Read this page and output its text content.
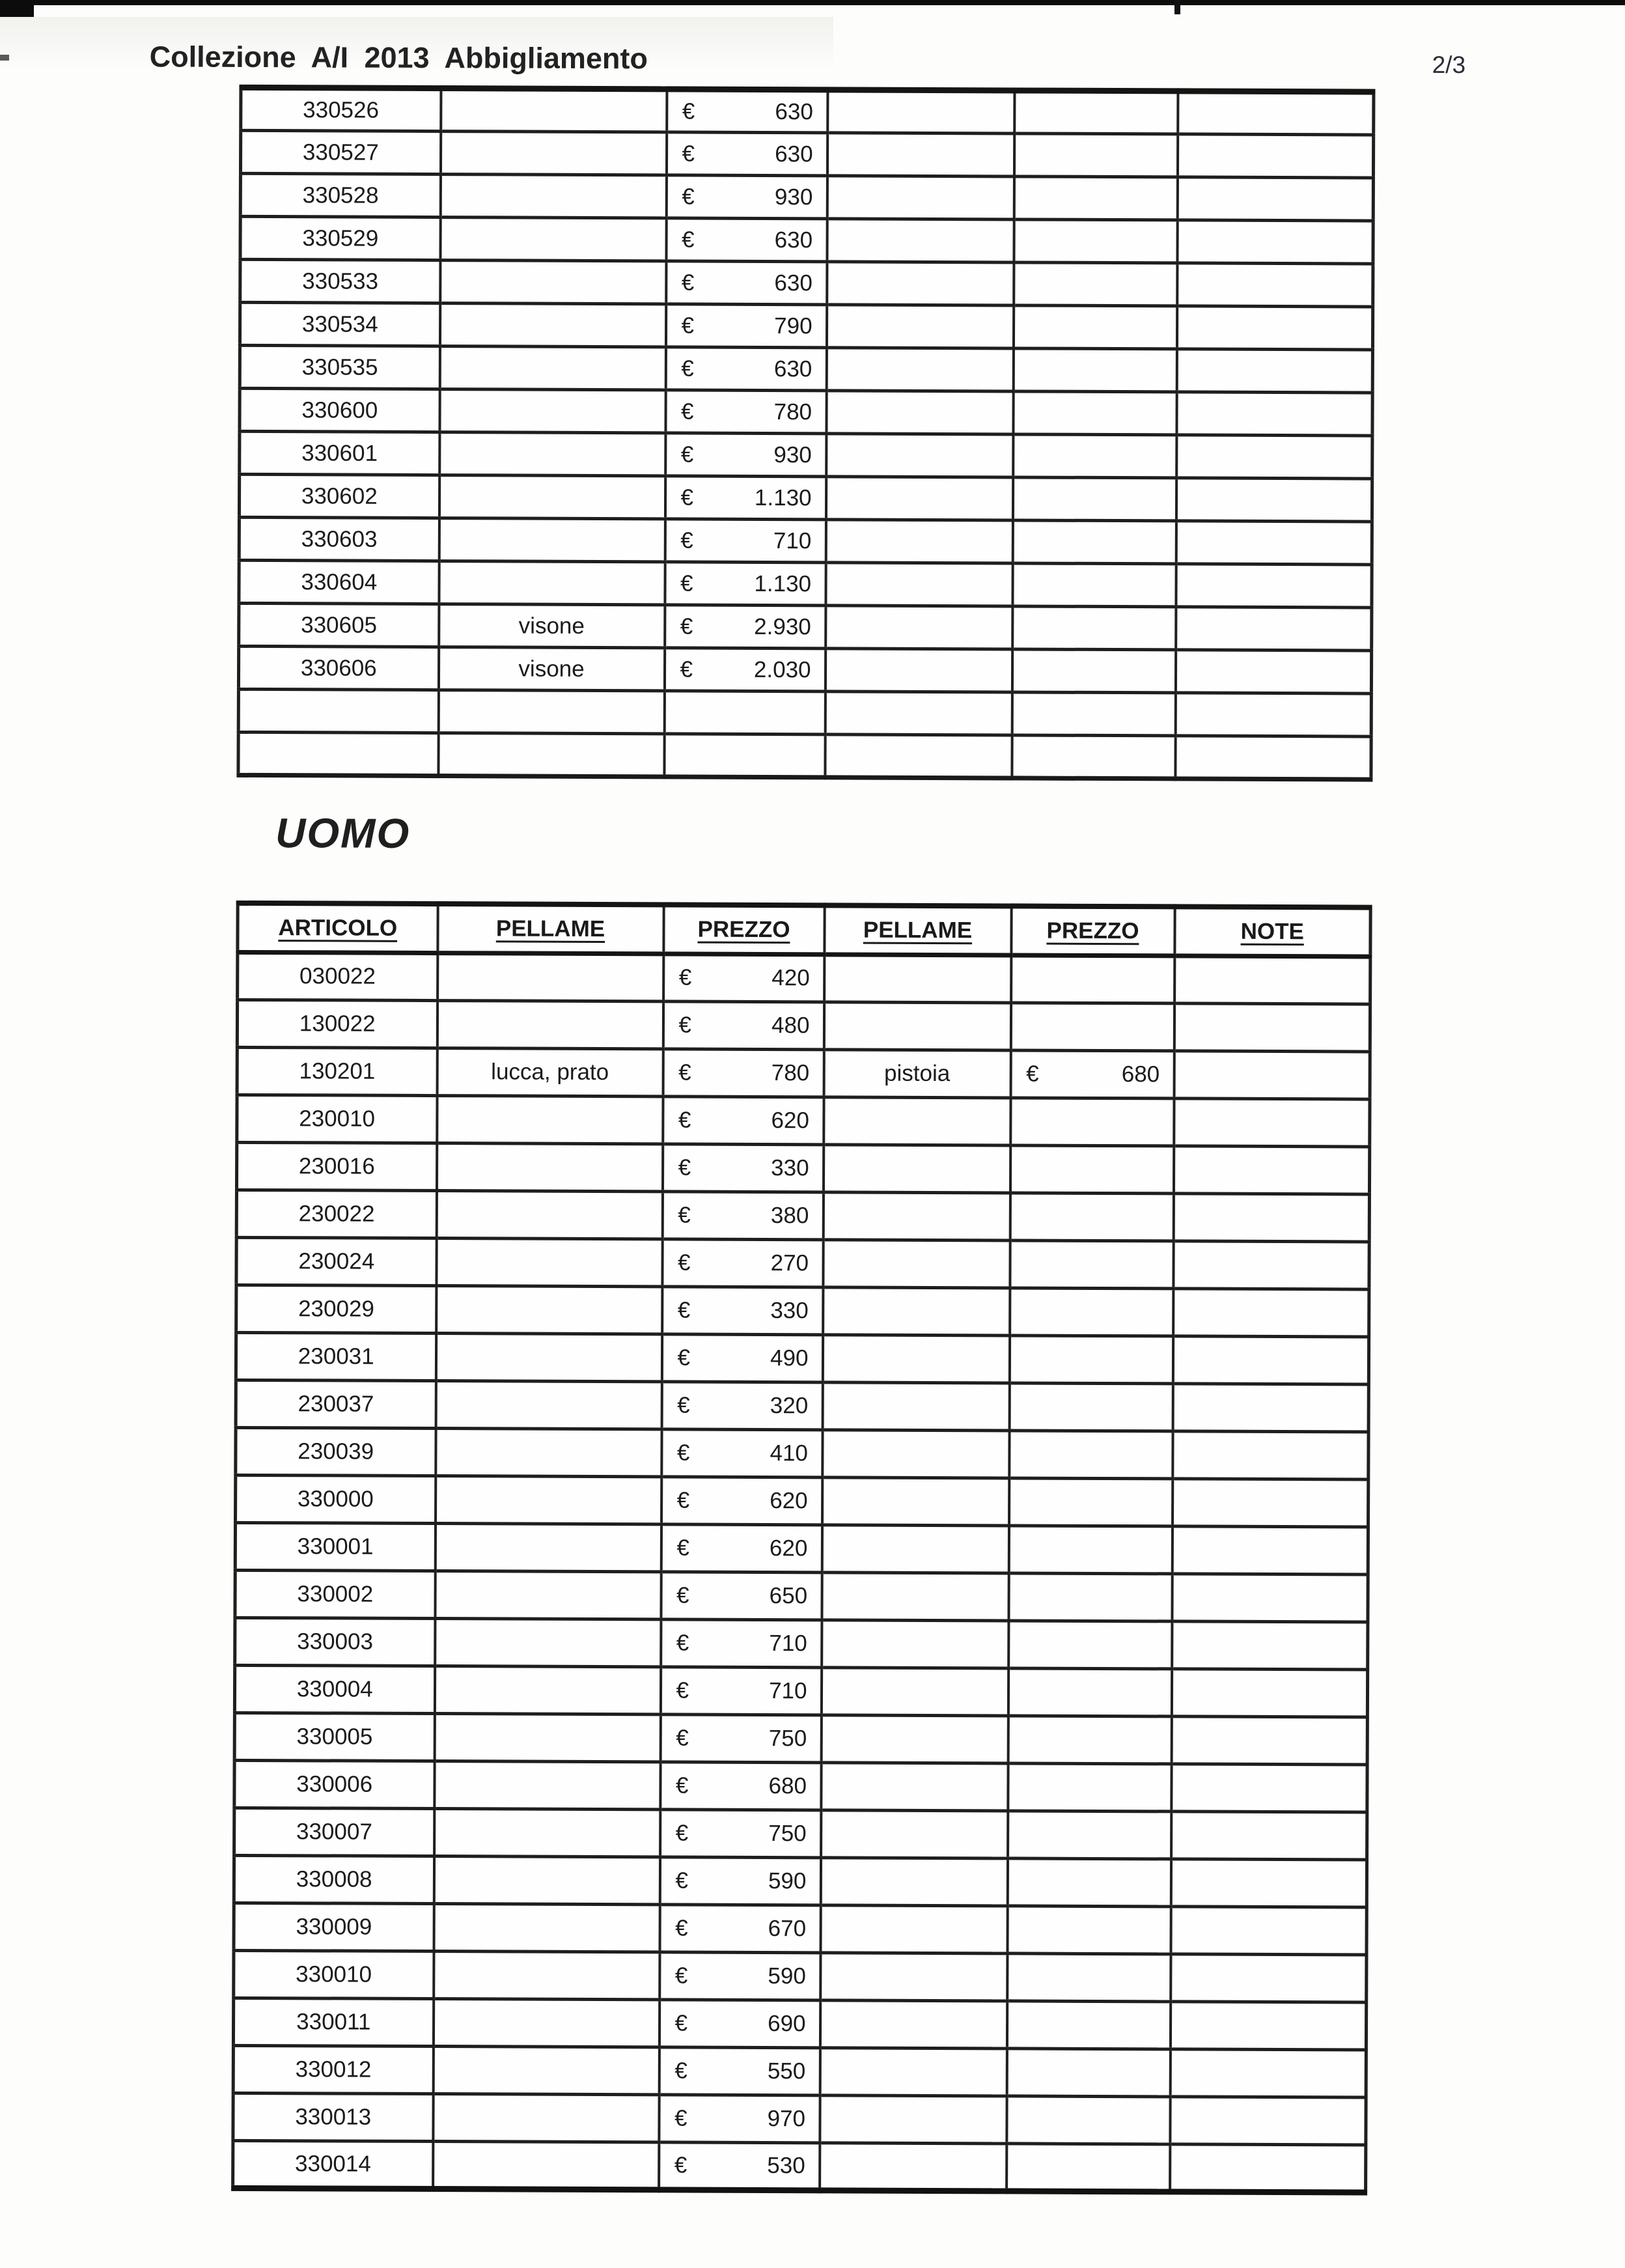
Collezione A/I 2013 Abbigliamento	2/3
330526		€ 630			

330527		€ 630			

330528		€ 930			

330529		€ 630			

330533		€ 630			

330534		€ 790			

330535		€ 630			

330600		€ 780			

330601		€ 930			

330602		€ 1.130			

330603		€ 710			

330604		€ 1.130			

330605	visone	€ 2.930			

330606	visone	€ 2.030			

UOMO
ARTICOLO	PELLAME	PREZZO	PELLAME	PREZZO	NOTE
030022		€ 420			

130022		€ 480			

130201	lucca, prato	€ 780	pistoia	€ 680	

230010		€ 620			

230016		€ 330			

230022		€ 380			

230024		€ 270			

230029		€ 330			

230031		€ 490			

230037		€ 320			

230039		€ 410			

330000		€ 620			

330001		€ 620			

330002		€ 650			

330003		€ 710			

330004		€ 710			

330005		€ 750			

330006		€ 680			

330007		€ 750			

330008		€ 590			

330009		€ 670			

330010		€ 590			

330011		€ 690			

330012		€ 550			

330013		€ 970			

330014		€ 530			
